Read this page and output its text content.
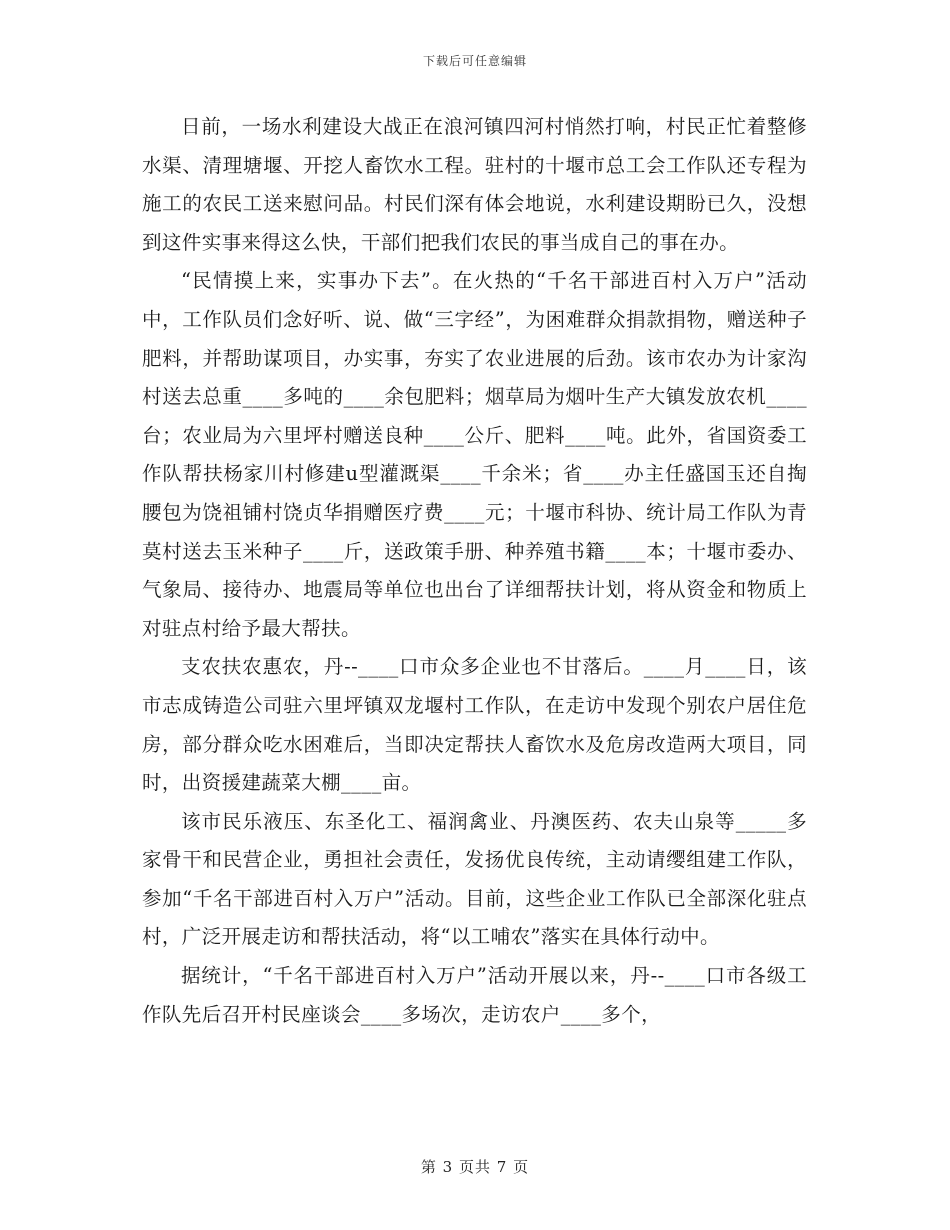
下载后可任意编辑

日前，一场水利建设大战正在浪河镇四河村悄然打响，村民正忙着整修水渠、清理塘堰、开挖人畜饮水工程。驻村的十堰市总工会工作队还专程为施工的农民工送来慰问品。村民们深有体会地说，水利建设期盼已久，没想到这件实事来得这么快，干部们把我们农民的事当成自己的事在办。

“民情摸上来，实事办下去”。在火热的“千名干部进百村入万户”活动中，工作队员们念好听、说、做“三字经”，为困难群众捐款捐物，赠送种子肥料，并帮助谋项目，办实事，夯实了农业进展的后劲。该市农办为计家沟村送去总重____多吨的____余包肥料；烟草局为烟叶生产大镇发放农机____台；农业局为六里坪村赠送良种____公斤、肥料____吨。此外，省国资委工作队帮扶杨家川村修建u型灌溉渠____千余米；省____办主任盛国玉还自掏腰包为饶祖铺村饶贞华捐赠医疗费____元；十堰市科协、统计局工作队为青莫村送去玉米种子____斤，送政策手册、种养殖书籍____本；十堰市委办、气象局、接待办、地震局等单位也出台了详细帮扶计划，将从资金和物质上对驻点村给予最大帮扶。

支农扶农惠农，丹--____口市众多企业也不甘落后。____月____日，该市志成铸造公司驻六里坪镇双龙堰村工作队，在走访中发现个别农户居住危房，部分群众吃水困难后，当即决定帮扶人畜饮水及危房改造两大项目，同时，出资援建蔬菜大棚____亩。

该市民乐液压、东圣化工、福润禽业、丹澳医药、农夫山泉等_____多家骨干和民营企业，勇担社会责任，发扬优良传统，主动请缨组建工作队，参加“千名干部进百村入万户”活动。目前，这些企业工作队已全部深化驻点村，广泛开展走访和帮扶活动，将“以工哺农”落实在具体行动中。

据统计，“千名干部进百村入万户”活动开展以来，丹--____口市各级工作队先后召开村民座谈会____多场次，走访农户____多个，

第 3 页共 7 页
